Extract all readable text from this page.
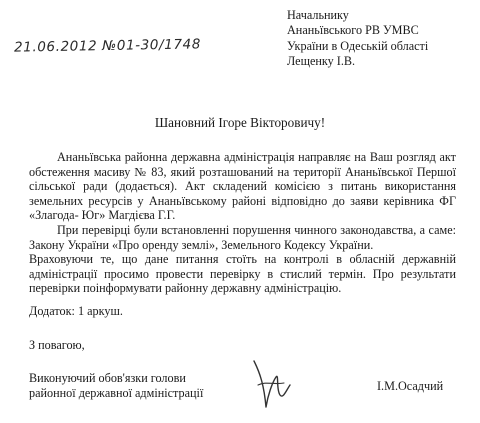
21.06.2012 №01-30/1748
Начальнику
Ананьївського РВ УМВС
України в Одеській області
Лещенку І.В.
Шановний Ігоре Вікторовичу!

Ананьївська районна державна адміністрація направляє на Ваш розгляд акт обстеження масиву № 83, який розташований на території Ананьївської Першої сільської ради (додається). Акт складений комісією з питань використання земельних ресурсів у Ананьївському районі відповідно до заяви керівника ФГ «Злагода- Юг» Магдієва Г.Г.

При перевірці були встановленні порушення чинного законодавства, а саме: Закону України «Про оренду землі», Земельного Кодексу України.

Враховуючи те, що дане питання стоїть на контролі в обласній державній адміністрації просимо провести перевірку в стислий термін. Про результати перевірки поінформувати районну державну адміністрацію.

Додаток: 1 аркуш.
З повагою,
Виконуючий обов'язки голови
районної державної адміністрації
І.М.Осадчий
